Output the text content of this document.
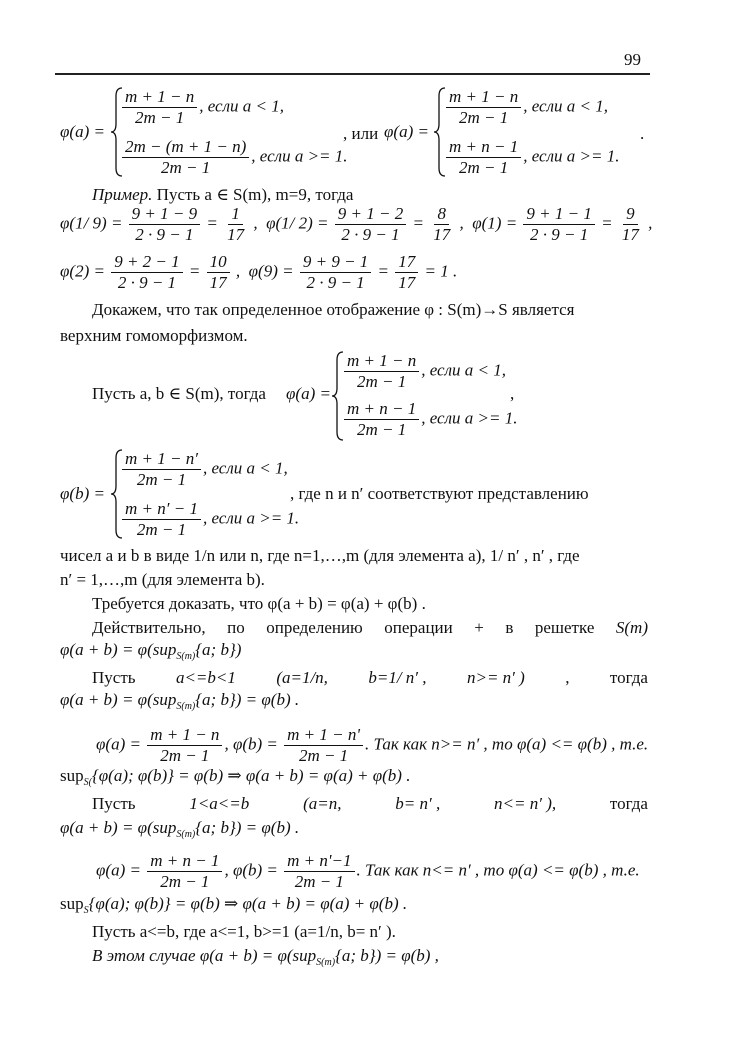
99
φ(a) =
$\frac{m + 1 - n}{2m - 1}$ , если a < 1,
$\frac{2m - (m + 1 - n)}{2m - 1}$ , если a >= 1.
, или φ(a) =
$\frac{m + 1 - n}{2m - 1}$ , если a < 1,
$\frac{m + n - 1}{2m - 1}$ , если a >= 1.
.
Пример. Пусть a ∈ S(m), m=9, тогда
φ(1/ $9) = \frac{9 + 1 - 9}{2 \cdot 9 - 1} = \frac{1}{17}$ ,  φ(1/ $2) = \frac{9 + 1 - 2}{2 \cdot 9 - 1} = \frac{8}{17}$ ,  $\varphi(1) = \frac{9 + 1 - 1}{2 \cdot 9 - 1} = \frac{9}{17}$ ,
$\varphi(2) = \frac{9 + 2 - 1}{2 \cdot 9 - 1} = \frac{10}{17}$ ,  $\varphi(9) = \frac{9 + 9 - 1}{2 \cdot 9 - 1} = \frac{17}{17} = 1$ .
Докажем, что так определенное отображение φ : S(m)→S является
верхним гомоморфизмом.
Пусть a, b ∈ S(m), тогда φ(a) =
$\frac{m + 1 - n}{2m - 1}$ , если a < 1,
$\frac{m + n - 1}{2m - 1}$ , если a >= 1.
,
φ(b) =
$\frac{m + 1 - n'}{2m - 1}$ , если a < 1,
$\frac{m + n' - 1}{2m - 1}$ , если a >= 1.
, где n и n′ соответствуют представлению
чисел a и b в виде 1/n или n, где n=1,…,m (для элемента a), 1/ n′ , n′ , где
n′ = 1,…,m (для элемента b).
Требуется доказать, что φ(a + b) = φ(a) + φ(b) .
Действительно, по определению операции + в решетке S(m)
φ(a + b) = φ(sup$_{S(m)}${a; b})
Пусть a<=b<1 (a=1/n, b=1/ n′ , n>= n′ ) , тогда
φ(a + b) = φ(sup$_{S(m)}${a; b}) = φ(b) .
$\varphi(a) = \frac{m + 1 - n}{2m - 1}$ , $\varphi(b) = \frac{m + 1 - n'}{2m - 1}$ . Так как n>= n′ , то φ(a) <= φ(b) , т.е.
sup$_{S(}${φ(a); φ(b)} = φ(b) ⇒ φ(a + b) = φ(a) + φ(b) .
Пусть	1<a<=b	(a=n,	b= n′ ,	n<= n′ ),	тогда
φ(a + b) = φ(sup$_{S(m)}${a; b}) = φ(b) .
$\varphi(a) = \frac{m + n - 1}{2m - 1}$ , $\varphi(b) = \frac{m + n'-1}{2m - 1}$ . Так как n<= n′ , то φ(a) <= φ(b) , т.е.
sup$_S${φ(a); φ(b)} = φ(b) ⇒ φ(a + b) = φ(a) + φ(b) .
Пусть a<=b, где a<=1, b>=1 (a=1/n, b= n′ ).
В этом случае φ(a + b) = φ(sup$_{S(m)}${a; b}) = φ(b) ,
